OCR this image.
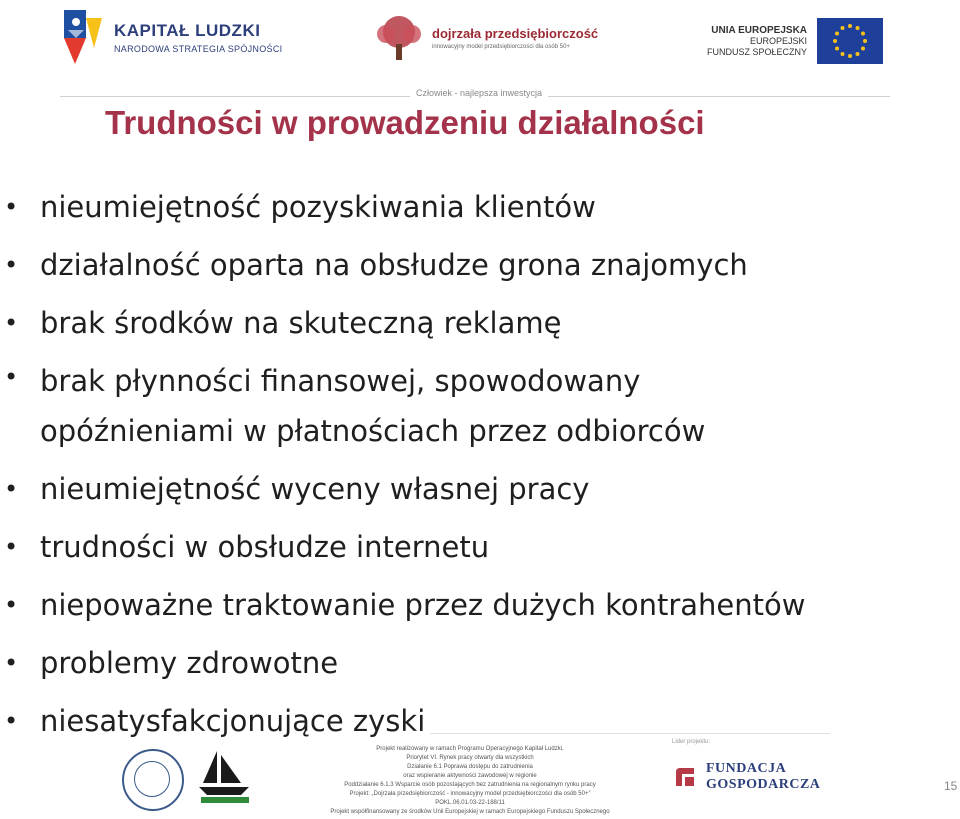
KAPITAŁ LUDZKI
NARODOWA STRATEGIA SPÓJNOŚCI
dojrzała przedsiębiorczość
innowacyjny model przedsiębiorczości dla osób 50+
UNIA EUROPEJSKA
EUROPEJSKI
FUNDUSZ SPOŁECZNY
Człowiek - najlepsza inwestycja
Trudności w prowadzeniu działalności
• nieumiejętność pozyskiwania klientów
• działalność oparta na obsłudze grona znajomych
• brak środków na skuteczną reklamę
• brak płynności finansowej, spowodowany opóźnieniami w płatnościach przez odbiorców
• nieumiejętność wyceny własnej pracy
• trudności w obsłudze internetu
• niepoważne traktowanie przez dużych kontrahentów
• problemy zdrowotne
• niesatysfakcjonujące zyski
Projekt realizowany w ramach Programu Operacyjnego Kapitał Ludzki,
Priorytet VI. Rynek pracy otwarty dla wszystkich
Działanie 6.1 Poprawa dostępu do zatrudnienia
oraz wspieranie aktywności zawodowej w regionie
Poddziałanie 6.1.3 Wsparcie osób pozostających bez zatrudnienia na regionalnym rynku pracy
Projekt: „Dojrzała przedsiębiorczość - innowacyjny model przedsiębiorczości dla osób 50+”
POKL.06.01.03-22-188/11
Projekt współfinansowany ze środków Unii Europejskiej w ramach Europejskiego Funduszu Społecznego
Lider projektu:
FUNDACJA
GOSPODARCZA	15
